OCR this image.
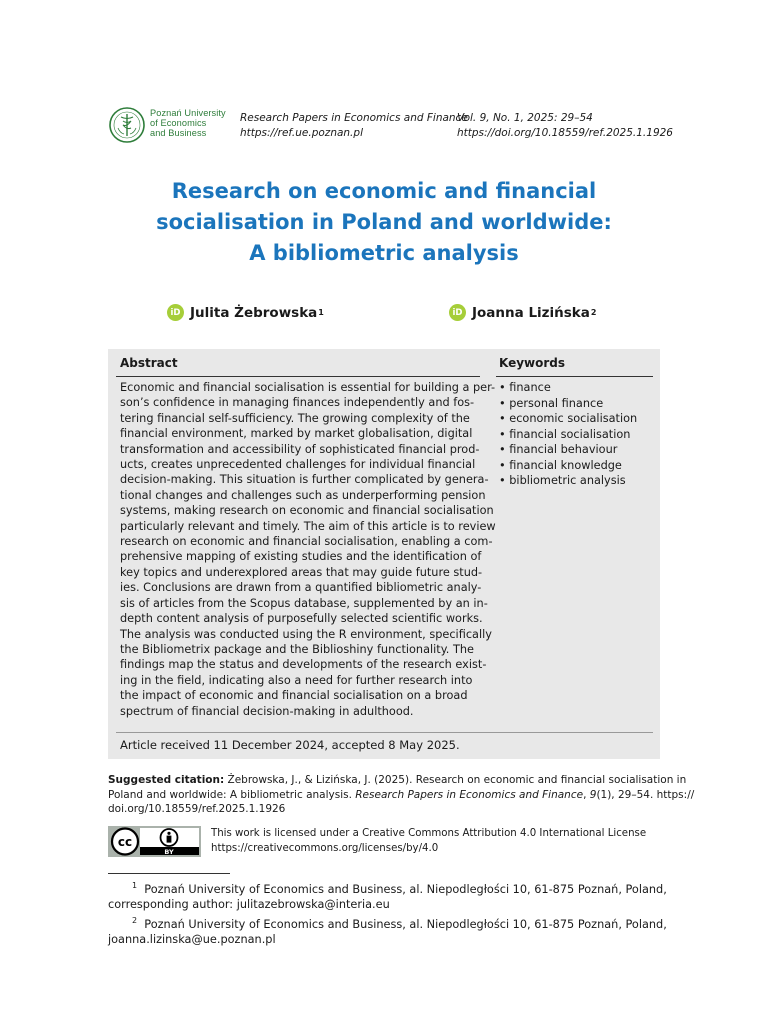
Poznań University
of Economics
and Business
Research Papers in Economics and Finance
https://ref.ue.poznan.pl
Vol. 9, No. 1, 2025: 29–54
https://doi.org/10.18559/ref.2025.1.1926
Research on economic and financial
socialisation in Poland and worldwide:
A bibliometric analysis
iD Julita Żebrowska 1	iD Joanna Lizińska 2
Abstract	Keywords
Economic and financial socialisation is essential for building a per-
son’s confidence in managing finances independently and fos-
tering financial self-sufficiency. The growing complexity of the
financial environment, marked by market globalisation, digital
transformation and accessibility of sophisticated financial prod-
ucts, creates unprecedented challenges for individual financial
decision-making. This situation is further complicated by genera-
tional changes and challenges such as underperforming pension
systems, making research on economic and financial socialisation
particularly relevant and timely. The aim of this article is to review
research on economic and financial socialisation, enabling a com-
prehensive mapping of existing studies and the identification of
key topics and underexplored areas that may guide future stud-
ies. Conclusions are drawn from a quantified bibliometric analy-
sis of articles from the Scopus database, supplemented by an in-
depth content analysis of purposefully selected scientific works.
The analysis was conducted using the R environment, specifically
the Bibliometrix package and the Biblioshiny functionality. The
findings map the status and developments of the research exist-
ing in the field, indicating also a need for further research into
the impact of economic and financial socialisation on a broad
spectrum of financial decision-making in adulthood.
• finance
• personal finance
• economic socialisation
• financial socialisation
• financial behaviour
• financial knowledge
• bibliometric analysis
Article received 11 December 2024, accepted 8 May 2025.
Suggested citation: Żebrowska, J., & Lizińska, J. (2025). Research on economic and financial socialisation in
Poland and worldwide: A bibliometric analysis. Research Papers in Economics and Finance, 9(1), 29–54. https://
doi.org/10.18559/ref.2025.1.1926
cc
BY
This work is licensed under a Creative Commons Attribution 4.0 International License
https://creativecommons.org/licenses/by/4.0
$^1$ Poznań University of Economics and Business, al. Niepodległości 10, 61-875 Poznań, Poland,
corresponding author: julitazebrowska@interia.eu
$^2$ Poznań University of Economics and Business, al. Niepodległości 10, 61-875 Poznań, Poland,
joanna.lizinska@ue.poznan.pl
